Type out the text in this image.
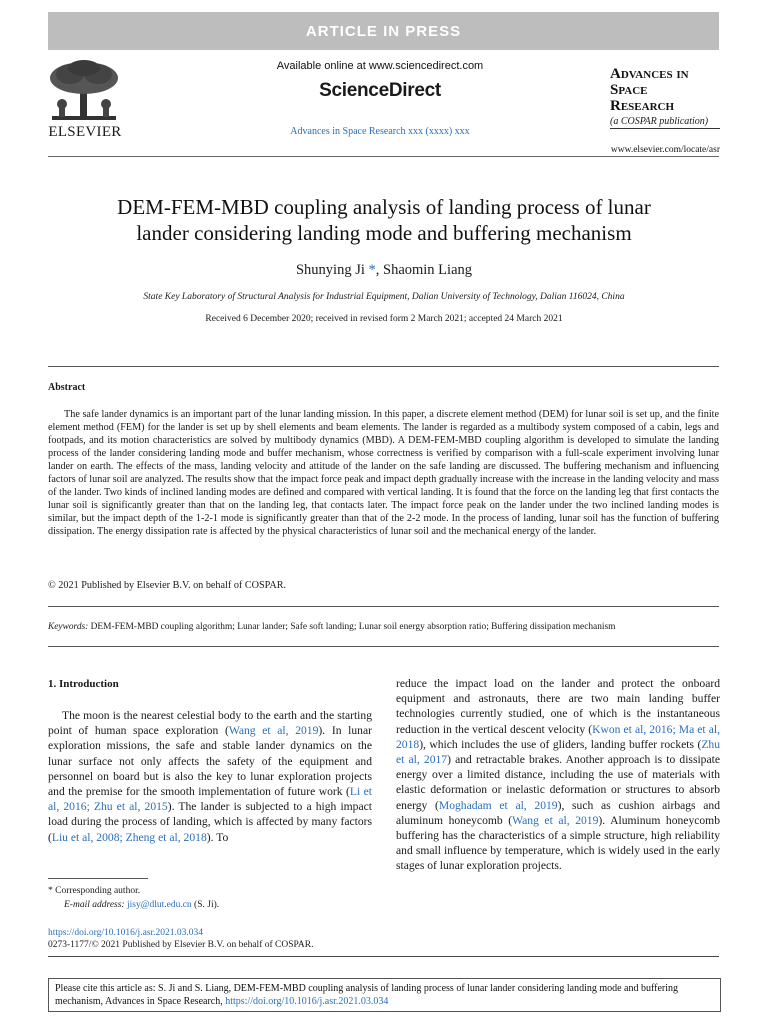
ARTICLE IN PRESS
ELSEVIER
Available online at www.sciencedirect.com
ScienceDirect
Advances in Space Research xxx (xxxx) xxx
Advances in
Space
Research
(a COSPAR publication)
www.elsevier.com/locate/asr
DEM-FEM-MBD coupling analysis of landing process of lunar
lander considering landing mode and buffering mechanism
Shunying Ji *, Shaomin Liang
State Key Laboratory of Structural Analysis for Industrial Equipment, Dalian University of Technology, Dalian 116024, China
Received 6 December 2020; received in revised form 2 March 2021; accepted 24 March 2021
Abstract

The safe lander dynamics is an important part of the lunar landing mission. In this paper, a discrete element method (DEM) for lunar soil is set up, and the finite element method (FEM) for the lander is set up by shell elements and beam elements. The lander is regarded as a multibody system composed of a cabin, legs and footpads, and its motion characteristics are solved by multibody dynamics (MBD). A DEM-FEM-MBD coupling algorithm is developed to simulate the landing process of the lander considering landing mode and buffer mechanism, whose correctness is verified by comparison with a full-scale experiment involving lunar lander on earth. The effects of the mass, landing velocity and attitude of the lander on the safe landing are discussed. The buffering mechanism and influencing factors of lunar soil are analyzed. The results show that the impact force peak and impact depth gradually increase with the increase in the landing velocity and mass of the lander. Two kinds of inclined landing modes are defined and compared with vertical landing. It is found that the force on the landing leg that first contacts the lunar soil is significantly greater than that on the landing leg, that contacts later. The impact force peak on the lander under the two inclined landing modes is similar, but the impact depth of the 1-2-1 mode is significantly greater than that of the 2-2 mode. In the process of landing, lunar soil has the function of buffering dissipation. The energy dissipation rate is affected by the physical characteristics of lunar soil and the mechanical energy of the lander.

© 2021 Published by Elsevier B.V. on behalf of COSPAR.
Keywords: DEM-FEM-MBD coupling algorithm; Lunar lander; Safe soft landing; Lunar soil energy absorption ratio; Buffering dissipation mechanism
1. Introduction

The moon is the nearest celestial body to the earth and the starting point of human space exploration (Wang et al, 2019). In lunar exploration missions, the safe and stable lander dynamics on the lunar surface not only affects the safety of the equipment and personnel on board but is also the key to lunar exploration projects and the premise for the smooth implementation of future work (Li et al, 2016; Zhu et al, 2015). The lander is subjected to a high impact load during the process of landing, which is affected by many factors (Liu et al, 2008; Zheng et al, 2018). To

reduce the impact load on the lander and protect the onboard equipment and astronauts, there are two main landing buffer technologies currently studied, one of which is the instantaneous reduction in the vertical descent velocity (Kwon et al, 2016; Ma et al, 2018), which includes the use of gliders, landing buffer rockets (Zhu et al, 2017) and retractable brakes. Another approach is to dissipate energy over a limited distance, including the use of materials with elastic deformation or inelastic deformation or structures to absorb energy (Moghadam et al, 2019), such as cushion airbags and aluminum honeycomb (Wang et al, 2019). Aluminum honeycomb buffering has the characteristics of a simple structure, high reliability and small influence by temperature, which is widely used in the early stages of lunar exploration projects.

* Corresponding author.
E-mail address: jisy@dlut.edu.cn (S. Ji).
https://doi.org/10.1016/j.asr.2021.03.034
0273-1177/© 2021 Published by Elsevier B.V. on behalf of COSPAR.
Please cite this article as: S. Ji and S. Liang, DEM-FEM-MBD coupling analysis of landing process of lunar lander considering landing mode and buffering mechanism, Advances in Space Research, https://doi.org/10.1016/j.asr.2021.03.034
